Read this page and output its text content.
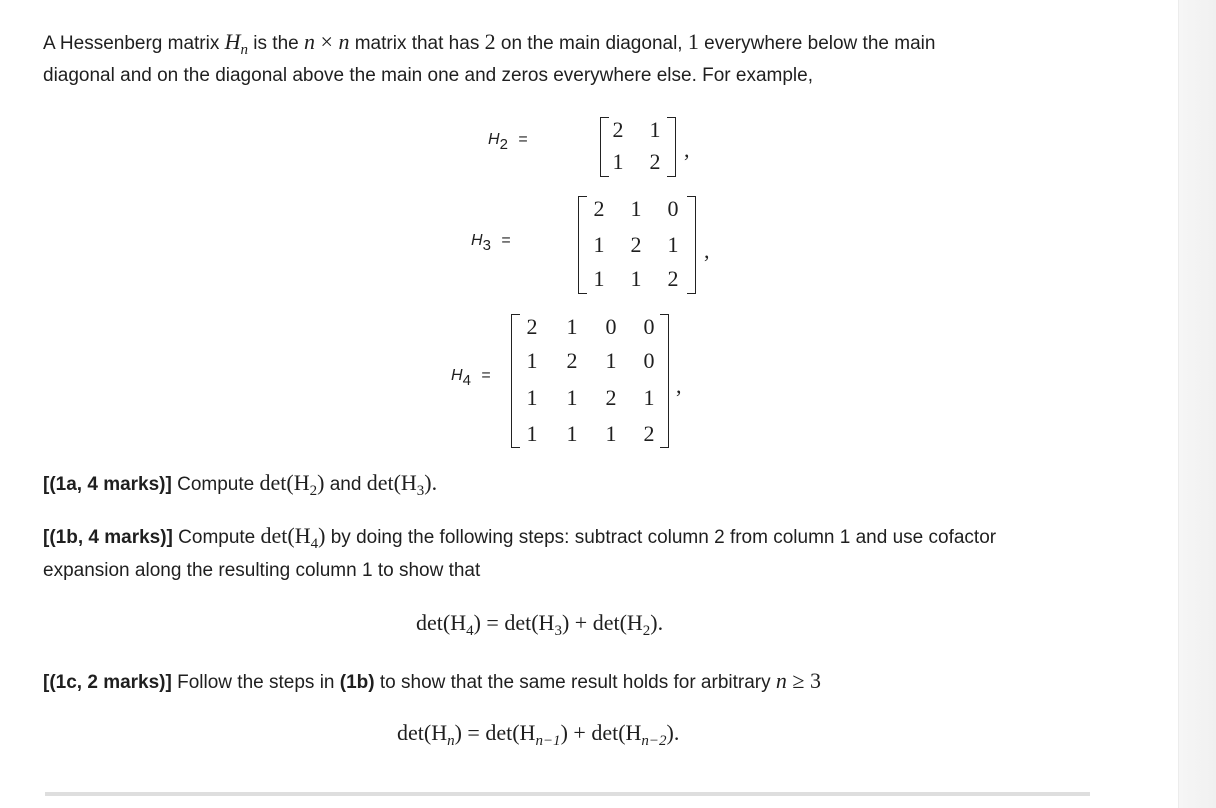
A Hessenberg matrix $H_n$ is the n × n matrix that has 2 on the main diagonal, 1 everywhere below the main
diagonal and on the diagonal above the main one and zeros everywhere else. For example,
H2 =	2	1
1	2	,
H3 =
2	1	0
1	2	1
1	1	2
,
H4 =
2	1	0	0
1	2	1	0
1	1	2	1
1	1	1	2
,
[(1a, 4 marks)] Compute $\det(H_2)$ and $\det(H_3)$.
[(1b, 4 marks)] Compute $\det(H_4)$ by doing the following steps: subtract column 2 from column 1 and use cofactor
expansion along the resulting column 1 to show that
$\det(H_4) = \det(H_3) + \det(H_2)$.
[(1c, 2 marks)] Follow the steps in (1b) to show that the same result holds for arbitrary n ≥ 3
$\det(H_n) = \det(H_{n-1}) + \det(H_{n-2})$.
